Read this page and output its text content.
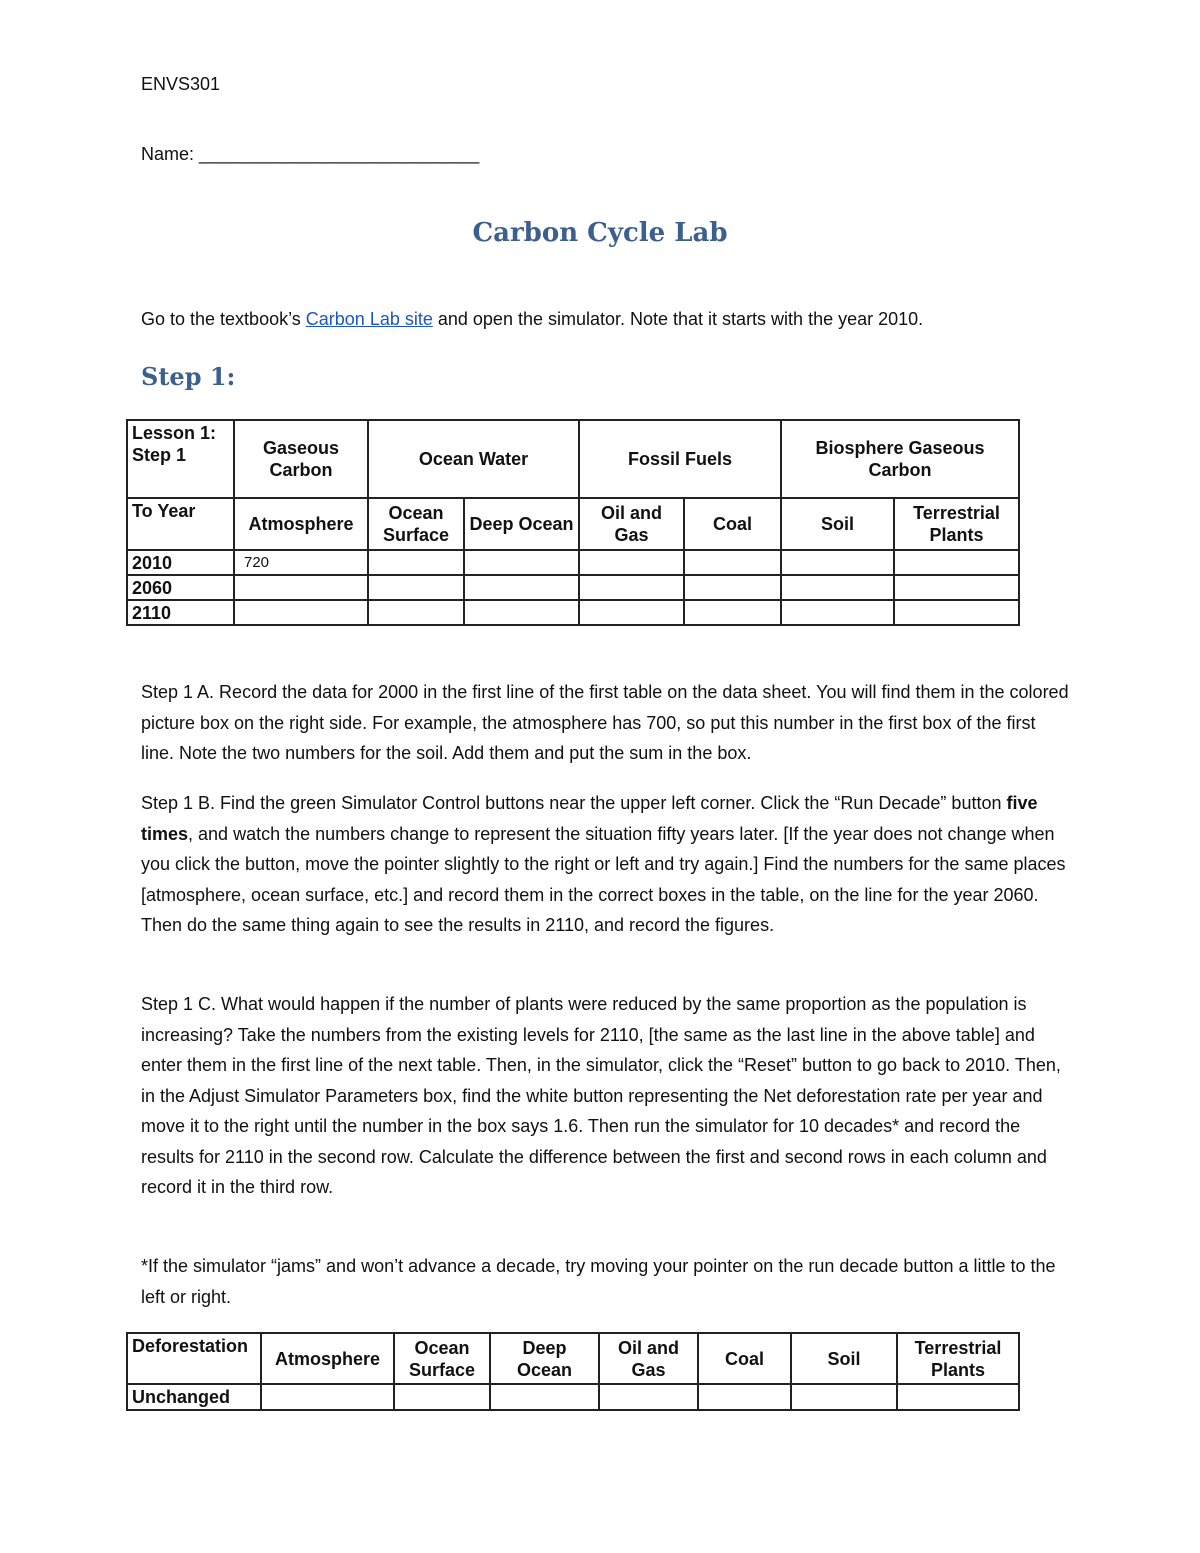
ENVS301
Name: ____________________________
Carbon Cycle Lab
Go to the textbook’s Carbon Lab site and open the simulator. Note that it starts with the year 2010.
Step 1:
Lesson 1: Step 1	Gaseous Carbon	Ocean Water		Fossil Fuels		Biosphere Gaseous Carbon	
To Year	Atmosphere	Ocean Surface	Deep Ocean	Oil and Gas	Coal	Soil	Terrestrial Plants
2010	720						
2060							
2110							

Step 1 A. Record the data for 2000 in the first line of the first table on the data sheet. You will find them in the colored picture box on the right side. For example, the atmosphere has 700, so put this number in the first box of the first line. Note the two numbers for the soil. Add them and put the sum in the box.

Step 1 B. Find the green Simulator Control buttons near the upper left corner. Click the “Run Decade” button five times, and watch the numbers change to represent the situation fifty years later. [If the year does not change when you click the button, move the pointer slightly to the right or left and try again.] Find the numbers for the same places [atmosphere, ocean surface, etc.] and record them in the correct boxes in the table, on the line for the year 2060. Then do the same thing again to see the results in 2110, and record the figures.

Step 1 C. What would happen if the number of plants were reduced by the same proportion as the population is increasing? Take the numbers from the existing levels for 2110, [the same as the last line in the above table] and enter them in the first line of the next table. Then, in the simulator, click the “Reset” button to go back to 2010. Then, in the Adjust Simulator Parameters box, find the white button representing the Net deforestation rate per year and move it to the right until the number in the box says 1.6. Then run the simulator for 10 decades* and record the results for 2110 in the second row. Calculate the difference between the first and second rows in each column and record it in the third row.

*If the simulator “jams” and won’t advance a decade, try moving your pointer on the run decade button a little to the left or right.

Deforestation	Atmosphere	Ocean Surface	Deep Ocean	Oil and Gas	Coal	Soil	Terrestrial Plants
Unchanged							
